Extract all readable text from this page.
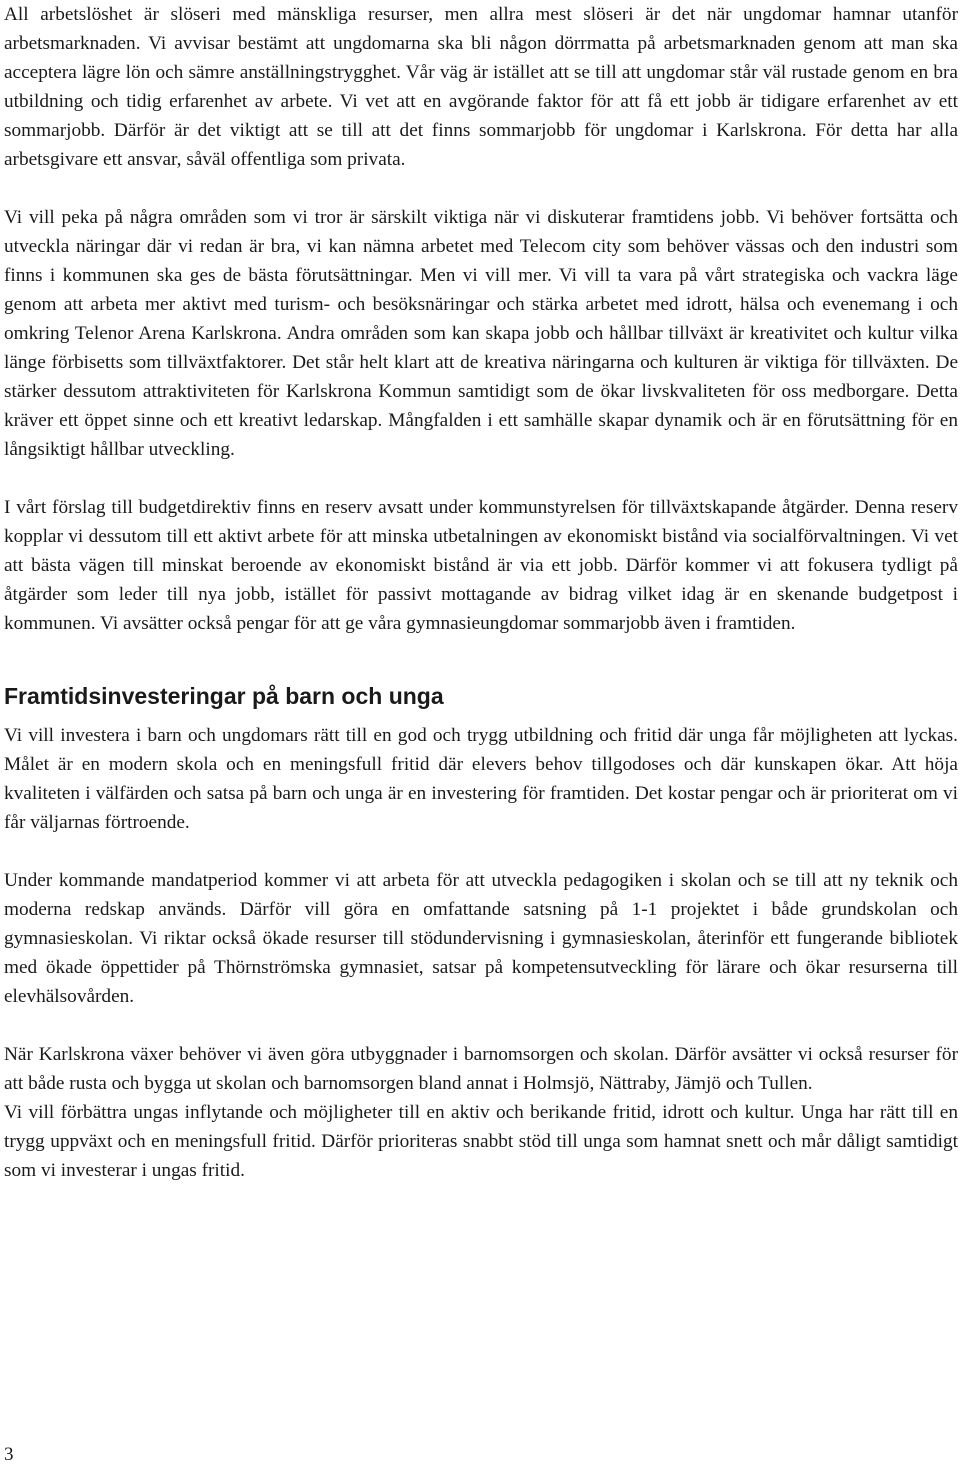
All arbetslöshet är slöseri med mänskliga resurser, men allra mest slöseri är det när ungdomar hamnar utanför arbetsmarknaden. Vi avvisar bestämt att ungdomarna ska bli någon dörrmatta på arbetsmarknaden genom att man ska acceptera lägre lön och sämre anställningstrygghet. Vår väg är istället att se till att ungdomar står väl rustade genom en bra utbildning och tidig erfarenhet av arbete. Vi vet att en avgörande faktor för att få ett jobb är tidigare erfarenhet av ett sommarjobb. Därför är det viktigt att se till att det finns sommarjobb för ungdomar i Karlskrona. För detta har alla arbetsgivare ett ansvar, såväl offentliga som privata.

Vi vill peka på några områden som vi tror är särskilt viktiga när vi diskuterar framtidens jobb. Vi behöver fortsätta och utveckla näringar där vi redan är bra, vi kan nämna arbetet med Telecom city som behöver vässas och den industri som finns i kommunen ska ges de bästa förutsättningar. Men vi vill mer. Vi vill ta vara på vårt strategiska och vackra läge genom att arbeta mer aktivt med turism- och besöksnäringar och stärka arbetet med idrott, hälsa och evenemang i och omkring Telenor Arena Karlskrona. Andra områden som kan skapa jobb och hållbar tillväxt är kreativitet och kultur vilka länge förbisetts som tillväxtfaktorer. Det står helt klart att de kreativa näringarna och kulturen är viktiga för tillväxten. De stärker dessutom attraktiviteten för Karlskrona Kommun samtidigt som de ökar livskvaliteten för oss medborgare. Detta kräver ett öppet sinne och ett kreativt ledarskap. Mångfalden i ett samhälle skapar dynamik och är en förutsättning för en långsiktigt hållbar utveckling.

I vårt förslag till budgetdirektiv finns en reserv avsatt under kommunstyrelsen för tillväxtskapande åtgärder. Denna reserv kopplar vi dessutom till ett aktivt arbete för att minska utbetalningen av ekonomiskt bistånd via socialförvaltningen. Vi vet att bästa vägen till minskat beroende av ekonomiskt bistånd är via ett jobb. Därför kommer vi att fokusera tydligt på åtgärder som leder till nya jobb, istället för passivt mottagande av bidrag vilket idag är en skenande budgetpost i kommunen. Vi avsätter också pengar för att ge våra gymnasieungdomar sommarjobb även i framtiden.

Framtidsinvesteringar på barn och unga

Vi vill investera i barn och ungdomars rätt till en god och trygg utbildning och fritid där unga får möjligheten att lyckas. Målet är en modern skola och en meningsfull fritid där elevers behov tillgodoses och där kunskapen ökar. Att höja kvaliteten i välfärden och satsa på barn och unga är en investering för framtiden. Det kostar pengar och är prioriterat om vi får väljarnas förtroende.

Under kommande mandatperiod kommer vi att arbeta för att utveckla pedagogiken i skolan och se till att ny teknik och moderna redskap används. Därför vill göra en omfattande satsning på 1-1 projektet i både grundskolan och gymnasieskolan. Vi riktar också ökade resurser till stödundervisning i gymnasieskolan, återinför ett fungerande bibliotek med ökade öppettider på Thörnströmska gymnasiet, satsar på kompetensutveckling för lärare och ökar resurserna till elevhälsovården.

När Karlskrona växer behöver vi även göra utbyggnader i barnomsorgen och skolan. Därför avsätter vi också resurser för att både rusta och bygga ut skolan och barnomsorgen bland annat i Holmsjö, Nättraby, Jämjö och Tullen.

Vi vill förbättra ungas inflytande och möjligheter till en aktiv och berikande fritid, idrott och kultur. Unga har rätt till en trygg uppväxt och en meningsfull fritid. Därför prioriteras snabbt stöd till unga som hamnat snett och mår dåligt samtidigt som vi investerar i ungas fritid.

3
